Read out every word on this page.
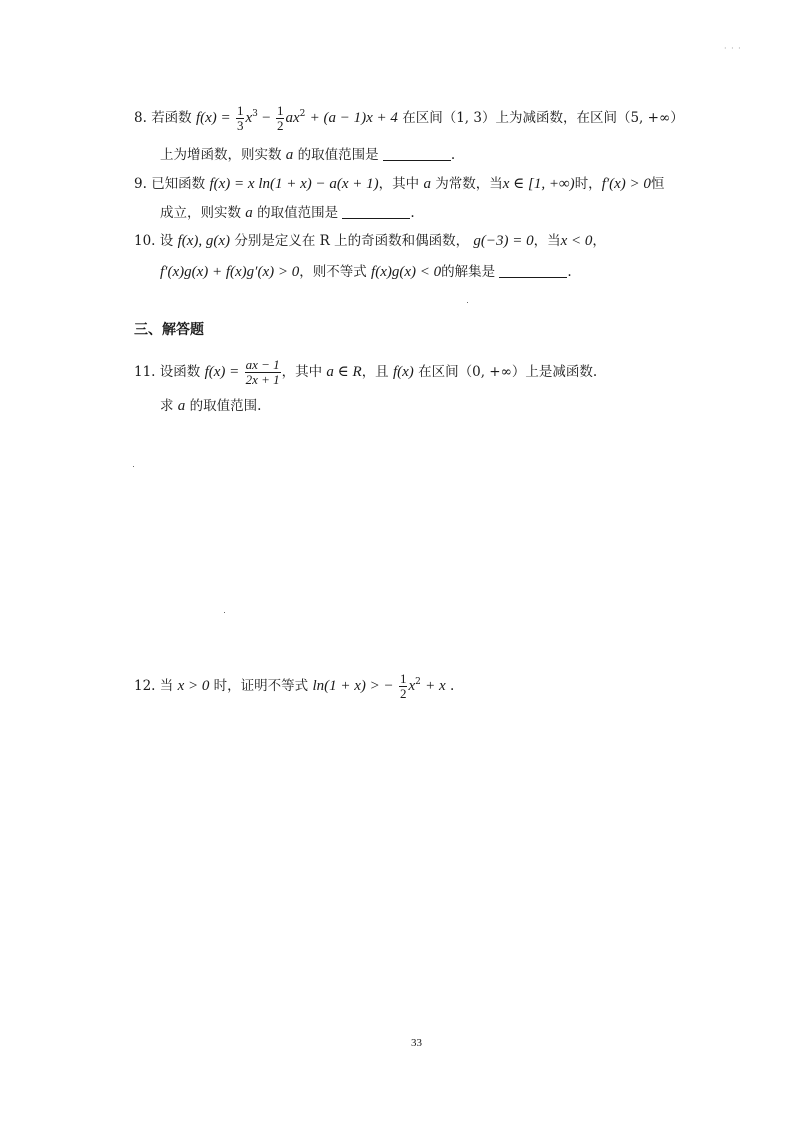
· · ·
8. 若函数 $f(x) = \frac{1}{3} x^3 - \frac{1}{2} ax^2 + (a - 1)x + 4$ 在区间（1, 3）上为减函数，在区间（5, +∞）
上为增函数，则实数 a 的取值范围是	.
9. 已知函数 f(x) = x ln(1 + x) − a(x + 1)，其中 a 为常数，当x ∈ [1, +∞)时，f′(x) > 0恒
成立，则实数 a 的取值范围是	.
10. 设 f(x), g(x) 分别是定义在 R 上的奇函数和偶函数， g(−3) = 0，当x < 0，
f′(x)g(x) + f(x)g′(x) > 0，则不等式 f(x)g(x) < 0的解集是	.
三、解答题
11. 设函数 $f(x) = \frac{ax - 1}{2x + 1}$ ，其中 a ∈ R，且 f(x) 在区间（0, +∞）上是减函数.
求 a 的取值范围.
12. 当 x > 0 时，证明不等式 ln(1 + x) > − $\frac{1}{2} x^2 + x$ .
33
